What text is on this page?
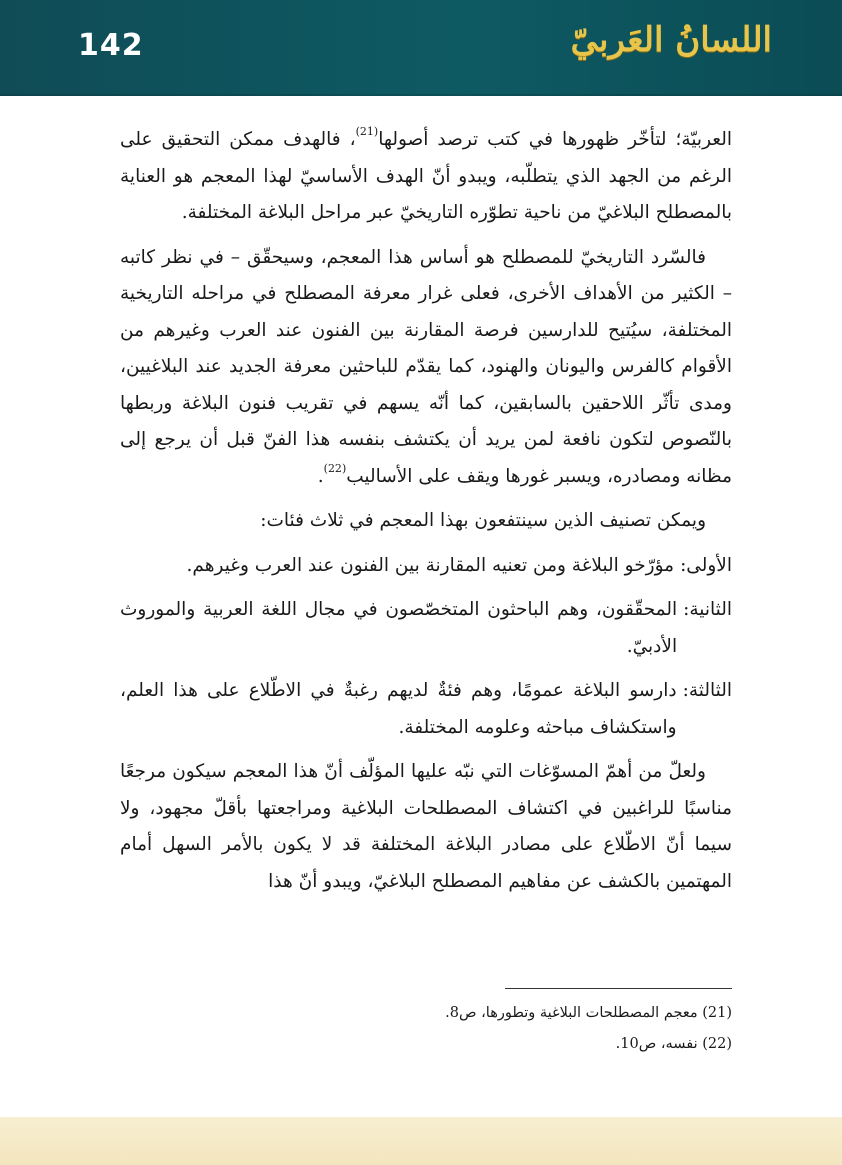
142	اللسانُ العَربيّ

العربيّة؛ لتأخّر ظهورها في كتب ترصد أصولها$^{(21)}$، فالهدف ممكن التحقيق على الرغم من الجهد الذي يتطلّبه، ويبدو أنّ الهدف الأساسيّ لهذا المعجم هو العناية بالمصطلح البلاغيّ من ناحية تطوّره التاريخيّ عبر مراحل البلاغة المختلفة.

فالسّرد التاريخيّ للمصطلح هو أساس هذا المعجم، وسيحقّق – في نظر كاتبه – الكثير من الأهداف الأخرى، فعلى غرار معرفة المصطلح في مراحله التاريخية المختلفة، سيُتيح للدارسين فرصة المقارنة بين الفنون عند العرب وغيرهم من الأقوام كالفرس واليونان والهنود، كما يقدّم للباحثين معرفة الجديد عند البلاغيين، ومدى تأثّر اللاحقين بالسابقين، كما أنّه يسهم في تقريب فنون البلاغة وربطها بالنّصوص لتكون نافعة لمن يريد أن يكتشف بنفسه هذا الفنّ قبل أن يرجع إلى مظانه ومصادره، ويسبر غورها ويقف على الأساليب$^{(22)}$.

ويمكن تصنيف الذين سينتفعون بهذا المعجم في ثلاث فئات:

الأولى:
مؤرّخو البلاغة ومن تعنيه المقارنة بين الفنون عند العرب وغيرهم.
الثانية:
المحقّقون، وهم الباحثون المتخصّصون في مجال اللغة العربية والموروث الأدبيّ.
الثالثة:
دارسو البلاغة عمومًا، وهم فئةٌ لديهم رغبةٌ في الاطّلاع على هذا العلم، واستكشاف مباحثه وعلومه المختلفة.

ولعلّ من أهمّ المسوّغات التي نبّه عليها المؤلّف أنّ هذا المعجم سيكون مرجعًا مناسبًا للراغبين في اكتشاف المصطلحات البلاغية ومراجعتها بأقلّ مجهود، ولا سيما أنّ الاطّلاع على مصادر البلاغة المختلفة قد لا يكون بالأمر السهل أمام المهتمين بالكشف عن مفاهيم المصطلح البلاغيّ، ويبدو أنّ هذا

(21) معجم المصطلحات البلاغية وتطورها، ص8.
(22) نفسه، ص10.
